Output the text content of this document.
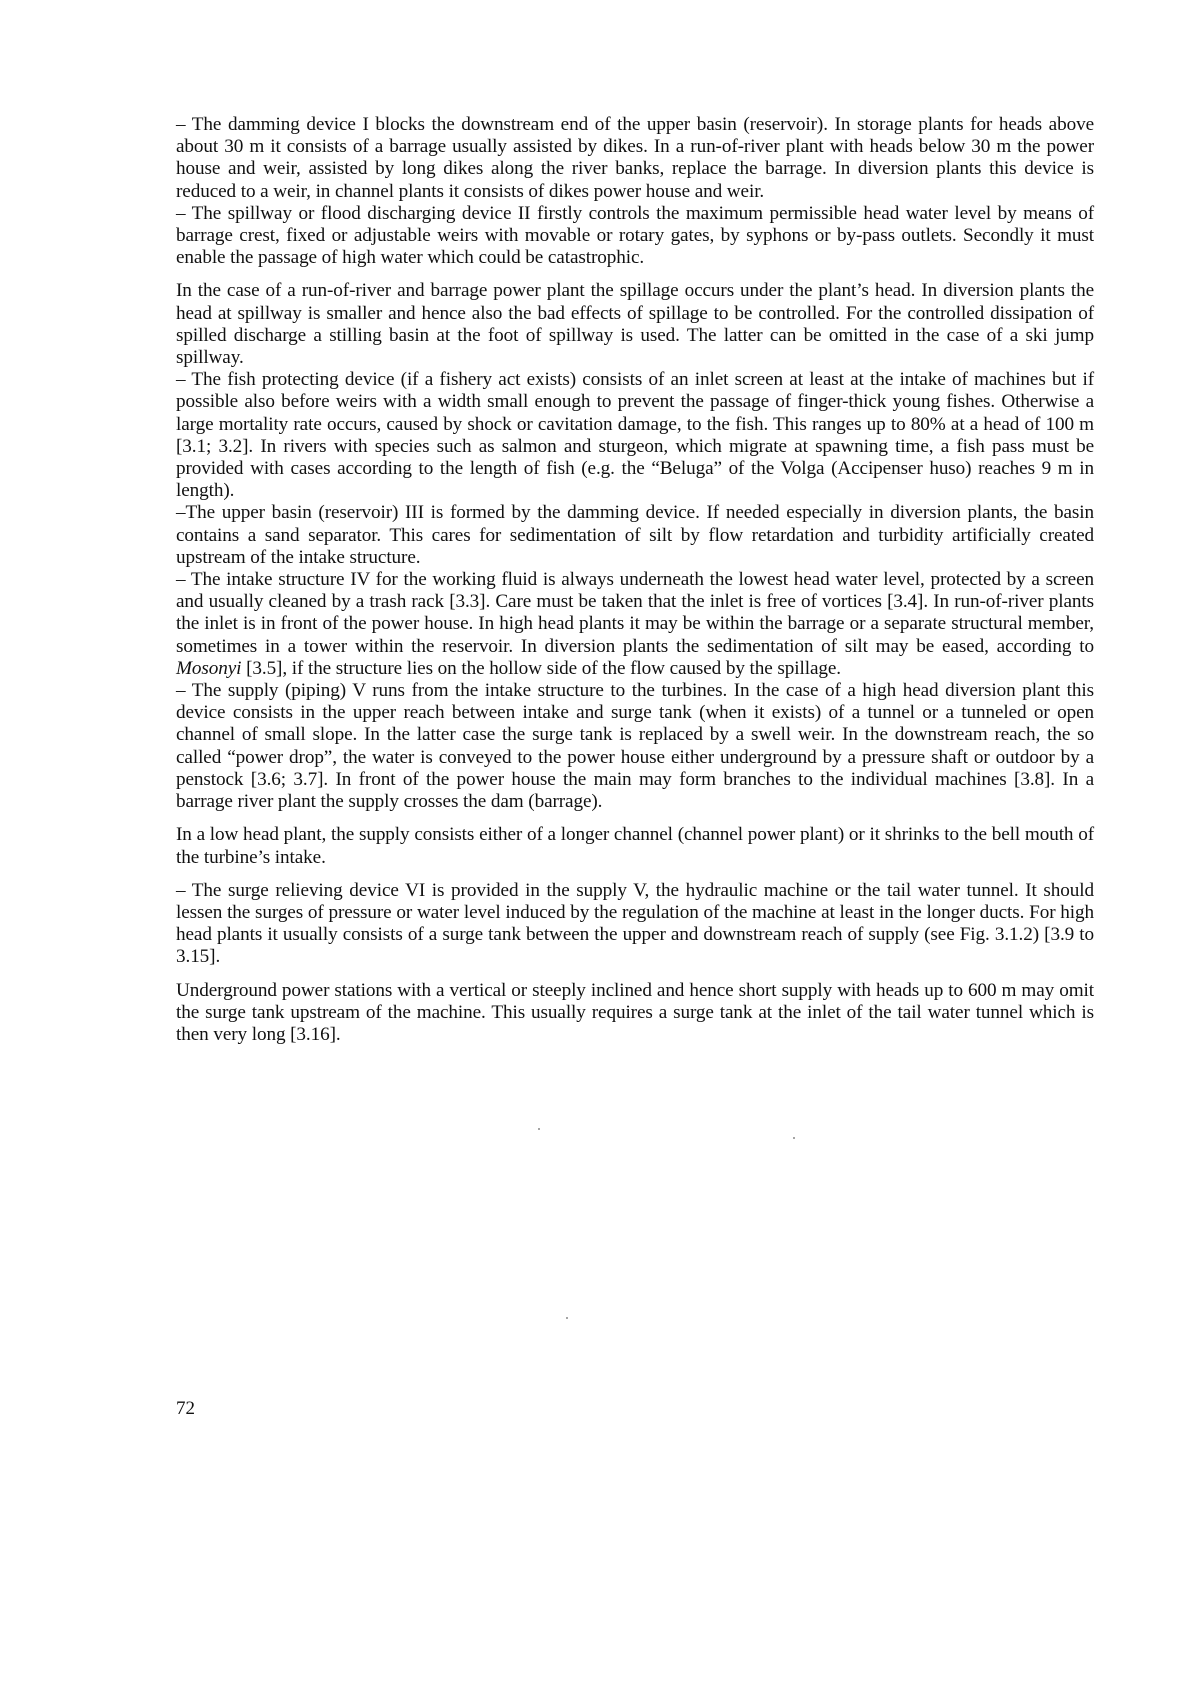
– The damming device I blocks the downstream end of the upper basin (reservoir). In storage plants for heads above about 30 m it consists of a barrage usually assisted by dikes. In a run-of-river plant with heads below 30 m the power house and weir, assisted by long dikes along the river banks, replace the barrage. In diversion plants this device is reduced to a weir, in channel plants it consists of dikes power house and weir.

– The spillway or flood discharging device II firstly controls the maximum permissible head water level by means of barrage crest, fixed or adjustable weirs with movable or rotary gates, by syphons or by-pass outlets. Secondly it must enable the passage of high water which could be catastrophic.

In the case of a run-of-river and barrage power plant the spillage occurs under the plant’s head. In diversion plants the head at spillway is smaller and hence also the bad effects of spillage to be controlled. For the controlled dissipation of spilled discharge a stilling basin at the foot of spillway is used. The latter can be omitted in the case of a ski jump spillway.

– The fish protecting device (if a fishery act exists) consists of an inlet screen at least at the intake of machines but if possible also before weirs with a width small enough to prevent the passage of finger-thick young fishes. Otherwise a large mortality rate occurs, caused by shock or cavitation damage, to the fish. This ranges up to 80% at a head of 100 m [3.1; 3.2]. In rivers with species such as salmon and sturgeon, which migrate at spawning time, a fish pass must be provided with cases according to the length of fish (e.g. the “Beluga” of the Volga (Accipenser huso) reaches 9 m in length).

–The upper basin (reservoir) III is formed by the damming device. If needed especially in diversion plants, the basin contains a sand separator. This cares for sedimentation of silt by flow retardation and turbidity artificially created upstream of the intake structure.

– The intake structure IV for the working fluid is always underneath the lowest head water level, protected by a screen and usually cleaned by a trash rack [3.3]. Care must be taken that the inlet is free of vortices [3.4]. In run-of-river plants the inlet is in front of the power house. In high head plants it may be within the barrage or a separate structural member, sometimes in a tower within the reservoir. In diversion plants the sedimentation of silt may be eased, according to Mosonyi [3.5], if the structure lies on the hollow side of the flow caused by the spillage.

– The supply (piping) V runs from the intake structure to the turbines. In the case of a high head diversion plant this device consists in the upper reach between intake and surge tank (when it exists) of a tunnel or a tunneled or open channel of small slope. In the latter case the surge tank is replaced by a swell weir. In the downstream reach, the so called “power drop”, the water is conveyed to the power house either underground by a pressure shaft or outdoor by a penstock [3.6; 3.7]. In front of the power house the main may form branches to the individual machines [3.8]. In a barrage river plant the supply crosses the dam (barrage).

In a low head plant, the supply consists either of a longer channel (channel power plant) or it shrinks to the bell mouth of the turbine’s intake.

– The surge relieving device VI is provided in the supply V, the hydraulic machine or the tail water tunnel. It should lessen the surges of pressure or water level induced by the regulation of the machine at least in the longer ducts. For high head plants it usually consists of a surge tank between the upper and downstream reach of supply (see Fig. 3.1.2) [3.9 to 3.15].

Underground power stations with a vertical or steeply inclined and hence short supply with heads up to 600 m may omit the surge tank upstream of the machine. This usually requires a surge tank at the inlet of the tail water tunnel which is then very long [3.16].

72
